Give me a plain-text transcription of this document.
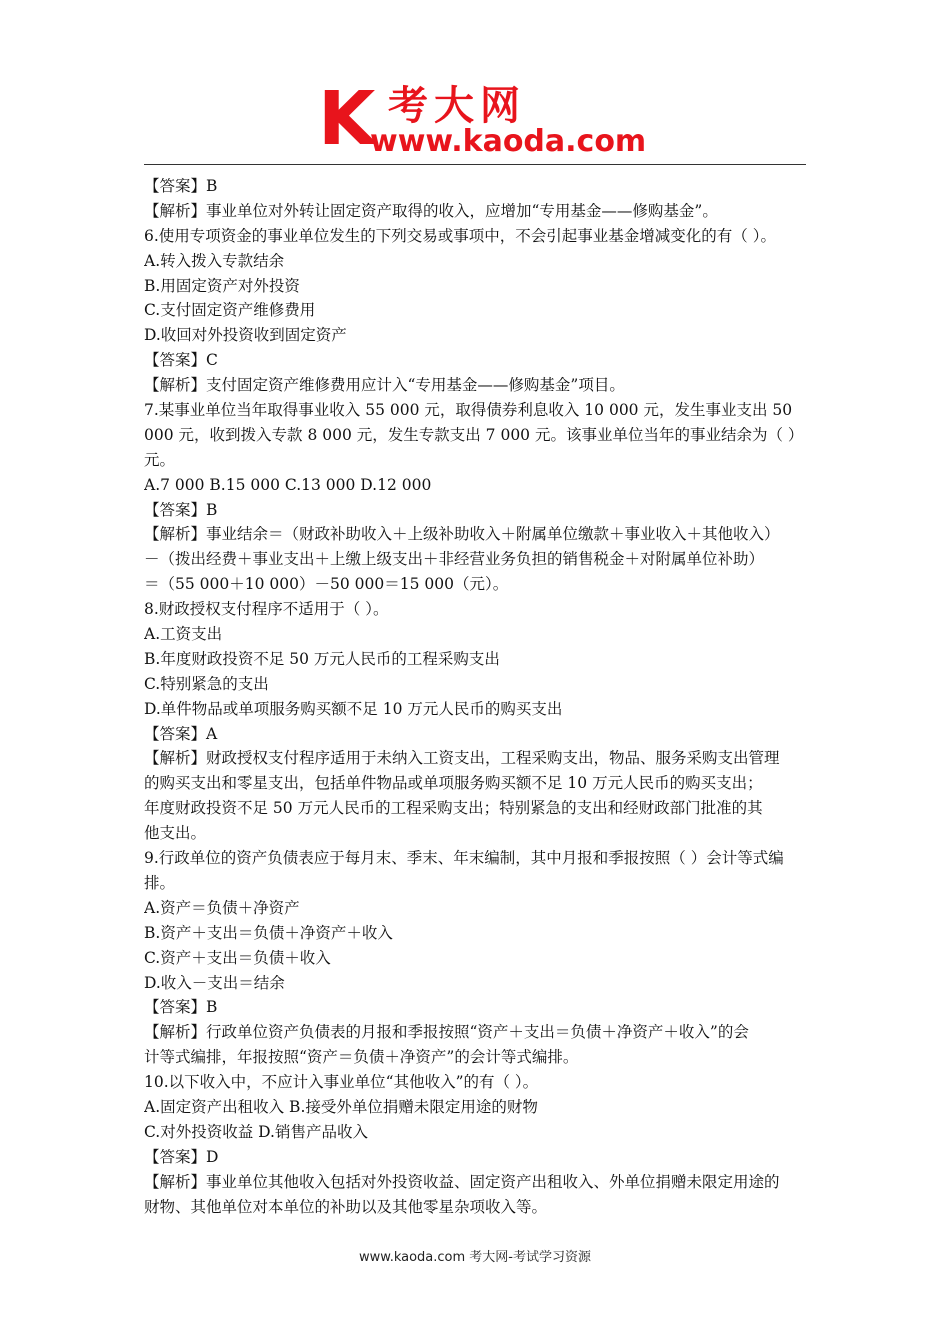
K 考大网
www.kaoda.com
【答案】B
【解析】事业单位对外转让固定资产取得的收入，应增加“专用基金——修购基金”。
6.使用专项资金的事业单位发生的下列交易或事项中，不会引起事业基金增减变化的有（ ）。
A.转入拨入专款结余
B.用固定资产对外投资
C.支付固定资产维修费用
D.收回对外投资收到固定资产
【答案】C
【解析】支付固定资产维修费用应计入“专用基金——修购基金”项目。
7.某事业单位当年取得事业收入 55 000 元，取得债券利息收入 10 000 元，发生事业支出 50
000 元，收到拨入专款 8 000 元，发生专款支出 7 000 元。该事业单位当年的事业结余为（ ）
元。
A.7 000 B.15 000 C.13 000 D.12 000
【答案】B
【解析】事业结余＝（财政补助收入＋上级补助收入＋附属单位缴款＋事业收入＋其他收入）
－（拨出经费＋事业支出＋上缴上级支出＋非经营业务负担的销售税金＋对附属单位补助）
＝（55 000＋10 000）－50 000＝15 000（元）。
8.财政授权支付程序不适用于（ ）。
A.工资支出
B.年度财政投资不足 50 万元人民币的工程采购支出
C.特别紧急的支出
D.单件物品或单项服务购买额不足 10 万元人民币的购买支出
【答案】A
【解析】财政授权支付程序适用于未纳入工资支出，工程采购支出，物品、服务采购支出管理
的购买支出和零星支出，包括单件物品或单项服务购买额不足 10 万元人民币的购买支出；
年度财政投资不足 50 万元人民币的工程采购支出；特别紧急的支出和经财政部门批准的其
他支出。
9.行政单位的资产负债表应于每月末、季末、年末编制，其中月报和季报按照（ ）会计等式编
排。
A.资产＝负债＋净资产
B.资产＋支出＝负债＋净资产＋收入
C.资产＋支出＝负债＋收入
D.收入－支出＝结余
【答案】B
【解析】行政单位资产负债表的月报和季报按照“资产＋支出＝负债＋净资产＋收入”的会
计等式编排，年报按照“资产＝负债＋净资产”的会计等式编排。
10.以下收入中，不应计入事业单位“其他收入”的有（ ）。
A.固定资产出租收入 B.接受外单位捐赠未限定用途的财物
C.对外投资收益 D.销售产品收入
【答案】D
【解析】事业单位其他收入包括对外投资收益、固定资产出租收入、外单位捐赠未限定用途的
财物、其他单位对本单位的补助以及其他零星杂项收入等。
www.kaoda.com 考大网-考试学习资源
